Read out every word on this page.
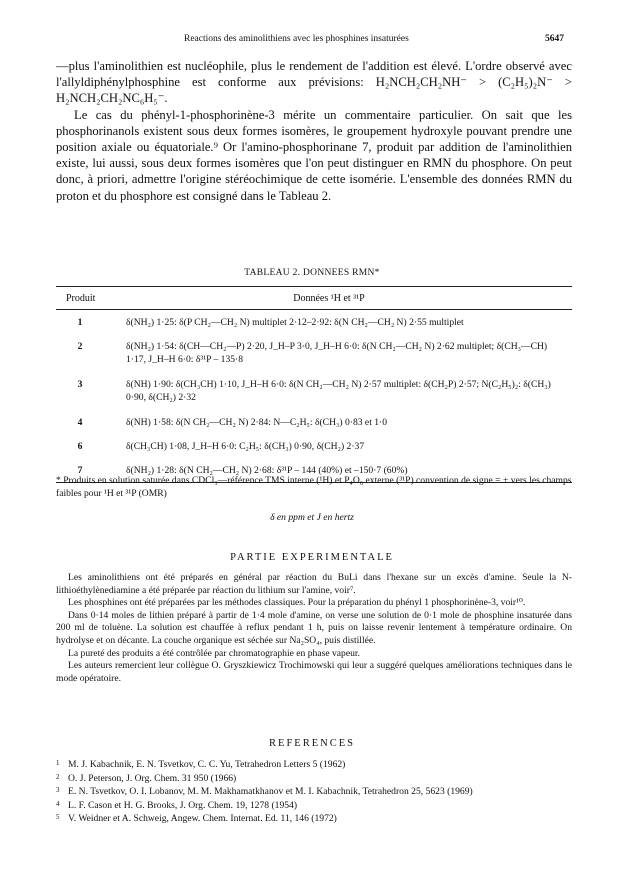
Reactions des aminolithiens avec les phosphines insaturées	5647

—plus l'aminolithien est nucléophile, plus le rendement de l'addition est élevé. L'ordre observé avec l'allyldiphénylphosphine est conforme aux prévisions: H₂NCH₂CH₂NH⁻ > (C₂H₅)₂N⁻ > H₂NCH₂CH₂NC₆H₅⁻.

Le cas du phényl-1-phosphorinène-3 mérite un commentaire particulier. On sait que les phosphorinanols existent sous deux formes isomères, le groupement hydroxyle pouvant prendre une position axiale ou équatoriale.⁹ Or l'amino-phosphorinane 7, produit par addition de l'aminolithien existe, lui aussi, sous deux formes isomères que l'on peut distinguer en RMN du phosphore. On peut donc, à priori, admettre l'origine stéréochimique de cette isomérie. L'ensemble des données RMN du proton et du phosphore est consigné dans le Tableau 2.

TABLEAU 2. DONNEES RMN*
Produit	Données ¹H et ³¹P
1	δ(NH₂) 1·25: δ(P CH₂—CH₂ N) multiplet 2·12–2·92: δ(N CH₂—CH₂ N) 2·55 multiplet
2	δ(NH₂) 1·54: δ(CH—CH₂—P) 2·20, J_H–P 3·0, J_H–H 6·0: δ(N CH₂—CH₂ N) 2·62 multiplet; δ(CH₃—CH) 1·17, J_H–H 6·0: δ³¹P – 135·8
3	δ(NH) 1·90: δ(CH₃CH) 1·10, J_H–H 6·0: δ(N CH₂—CH₂ N) 2·57 multiplet: δ(CH₂P) 2·57; N(C₂H₅)₂: δ(CH₃) 0·90, δ(CH₂) 2·32
4	δ(NH) 1·58: δ(N CH₂—CH₂ N) 2·84: N—C₂H₅: δ(CH₃) 0·83 et 1·0
6	δ(CH₃CH) 1·08, J_H–H 6·0: C₂H₅: δ(CH₃) 0·90, δ(CH₂) 2·37
7	δ(NH₂) 1·28: δ(N CH₂—CH₂ N) 2·68: δ³¹P – 144 (40%) et –150·7 (60%)
* Produits en solution saturée dans CDCl₃—référence TMS interne (¹H) et P₄O₆ externe (³¹P) convention de signe = + vers les champs faibles pour ¹H et ³¹P (OMR)
δ en ppm et J en hertz
PARTIE EXPERIMENTALE

Les aminolithiens ont été préparés en général par réaction du BuLi dans l'hexane sur un excès d'amine. Seule la N-lithioéthylènediamine a été préparée par réaction du lithium sur l'amine, voir⁷.

Les phosphines ont été préparées par les méthodes classiques. Pour la préparation du phényl 1 phosphorinène-3, voir¹⁰.

Dans 0·14 moles de lithien préparé à partir de 1·4 mole d'amine, on verse une solution de 0·1 mole de phosphine insaturée dans 200 ml de toluène. La solution est chauffée à reflux pendant 1 h, puis on laisse revenir lentement à température ordinaire. On hydrolyse et on décante. La couche organique est séchée sur Na₂SO₄, puis distillée.

La pureté des produits a été contrôlée par chromatographie en phase vapeur.

Les auteurs remercient leur collègue O. Gryszkiewicz Trochimowski qui leur a suggéré quelques améliorations techniques dans le mode opératoire.

REFERENCES
1 M. J. Kabachnik, E. N. Tsvetkov, C. C. Yu, Tetrahedron Letters 5 (1962)
2 O. J. Peterson, J. Org. Chem. 31 950 (1966)
3 E. N. Tsvetkov, O. I. Lobanov, M. M. Makhamatkhanov et M. I. Kabachnik, Tetrahedron 25, 5623 (1969)
4 L. F. Cason et H. G. Brooks, J. Org. Chem. 19, 1278 (1954)
5 V. Weidner et A. Schweig, Angew. Chem. Internat. Ed. 11, 146 (1972)
